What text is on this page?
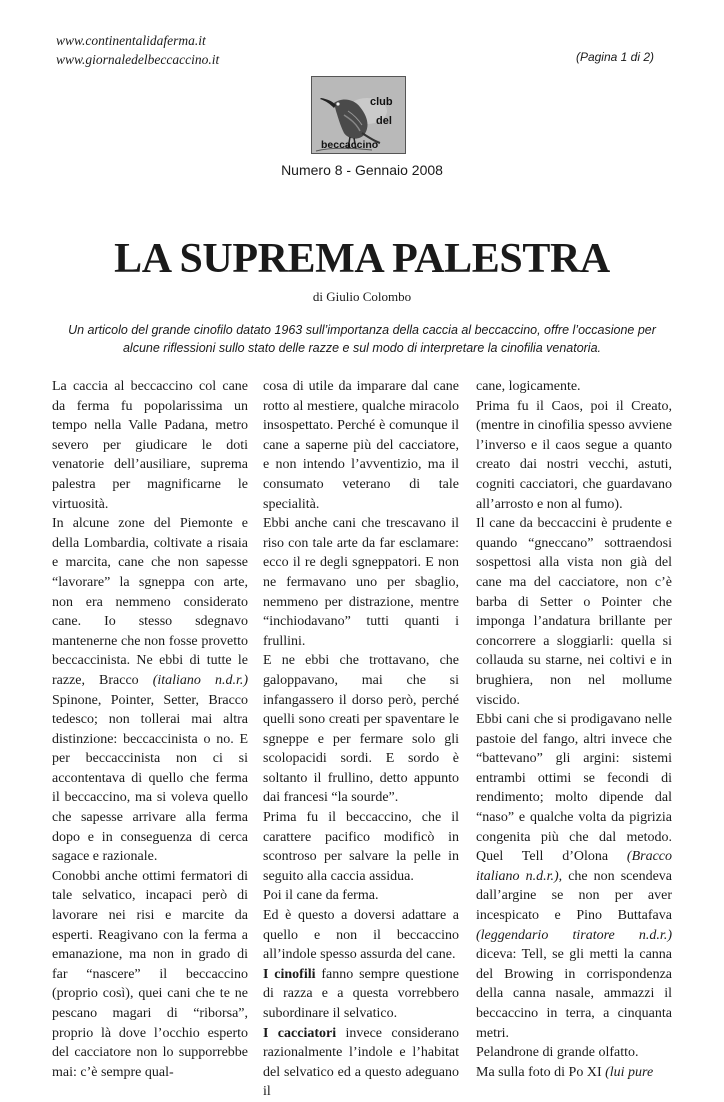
www.continentalidaferma.it
www.giornaledelbeccaccino.it	(Pagina 1 di 2)
club
del
beccaccino
Numero 8 - Gennaio 2008
LA SUPREMA PALESTRA
di Giulio Colombo

Un articolo del grande cinofilo datato 1963 sull’importanza della caccia al beccaccino, offre l’occasione per alcune riflessioni sullo stato delle razze e sul modo di interpretare la cinofilia venatoria.

La caccia al beccaccino col cane da ferma fu popolarissima un tempo nella Valle Padana, metro severo per giudicare le doti venatorie dell’ausiliare, suprema palestra per magnificarne le virtuosità.

In alcune zone del Piemonte e della Lombardia, coltivate a risaia e marcita, cane che non sapesse “lavorare” la sgneppa con arte, non era nemmeno considerato cane. Io stesso sdegnavo mantenerne che non fosse provetto beccaccinista. Ne ebbi di tutte le razze, Bracco (italiano n.d.r.) Spinone, Pointer, Setter, Bracco tedesco; non tollerai mai altra distinzione: beccaccinista o no. E per beccaccinista non ci si accontentava di quello che ferma il beccaccino, ma si voleva quello che sapesse arrivare alla ferma dopo e in conseguenza di cerca sagace e razionale.

Conobbi anche ottimi fermatori di tale selvatico, incapaci però di lavorare nei risi e marcite da esperti. Reagivano con la ferma a emanazione, ma non in grado di far “nascere” il beccaccino (proprio così), quei cani che te ne pescano magari di “riborsa”, proprio là dove l’occhio esperto del cacciatore non lo supporrebbe mai: c’è sempre qual-

cosa di utile da imparare dal cane rotto al mestiere, qualche miracolo insospettato. Perché è comunque il cane a saperne più del cacciatore, e non intendo l’avventizio, ma il consumato veterano di tale specialità.

Ebbi anche cani che trescavano il riso con tale arte da far esclamare: ecco il re degli sgneppatori. E non ne fermavano uno per sbaglio, nemmeno per distrazione, mentre “inchiodavano” tutti quanti i frullini.

E ne ebbi che trottavano, che galoppavano, mai che si infangassero il dorso però, perché quelli sono creati per spaventare le sgneppe e per fermare solo gli scolopacidi sordi. E sordo è soltanto il frullino, detto appunto dai francesi “la sourde”.

Prima fu il beccaccino, che il carattere pacifico modificò in scontroso per salvare la pelle in seguito alla caccia assidua.

Poi il cane da ferma.

Ed è questo a doversi adattare a quello e non il beccaccino all’indole spesso assurda del cane.

I cinofili fanno sempre questione di razza e a questa vorrebbero subordinare il selvatico.

I cacciatori invece considerano razionalmente l’indole e l’habitat del selvatico ed a questo adeguano il

cane, logicamente.

Prima fu il Caos, poi il Creato, (mentre in cinofilia spesso avviene l’inverso e il caos segue a quanto creato dai nostri vecchi, astuti, cogniti cacciatori, che guardavano all’arrosto e non al fumo).

Il cane da beccaccini è prudente e quando “gneccano” sottraendosi sospettosi alla vista non già del cane ma del cacciatore, non c’è barba di Setter o Pointer che imponga l’andatura brillante per concorrere a sloggiarli: quella si collauda su starne, nei coltivi e in brughiera, non nel mollume viscido.

Ebbi cani che si prodigavano nelle pastoie del fango, altri invece che “battevano” gli argini: sistemi entrambi ottimi se fecondi di rendimento; molto dipende dal “naso” e qualche volta da pigrizia congenita più che dal metodo. Quel Tell d’Olona (Bracco italiano n.d.r.), che non scendeva dall’argine se non per aver incespicato e Pino Buttafava (leggendario tiratore n.d.r.) diceva: Tell, se gli metti la canna del Browing in corrispondenza della canna nasale, ammazzi il beccaccino in terra, a cinquanta metri.

Pelandrone di grande olfatto.

Ma sulla foto di Po XI (lui pure
